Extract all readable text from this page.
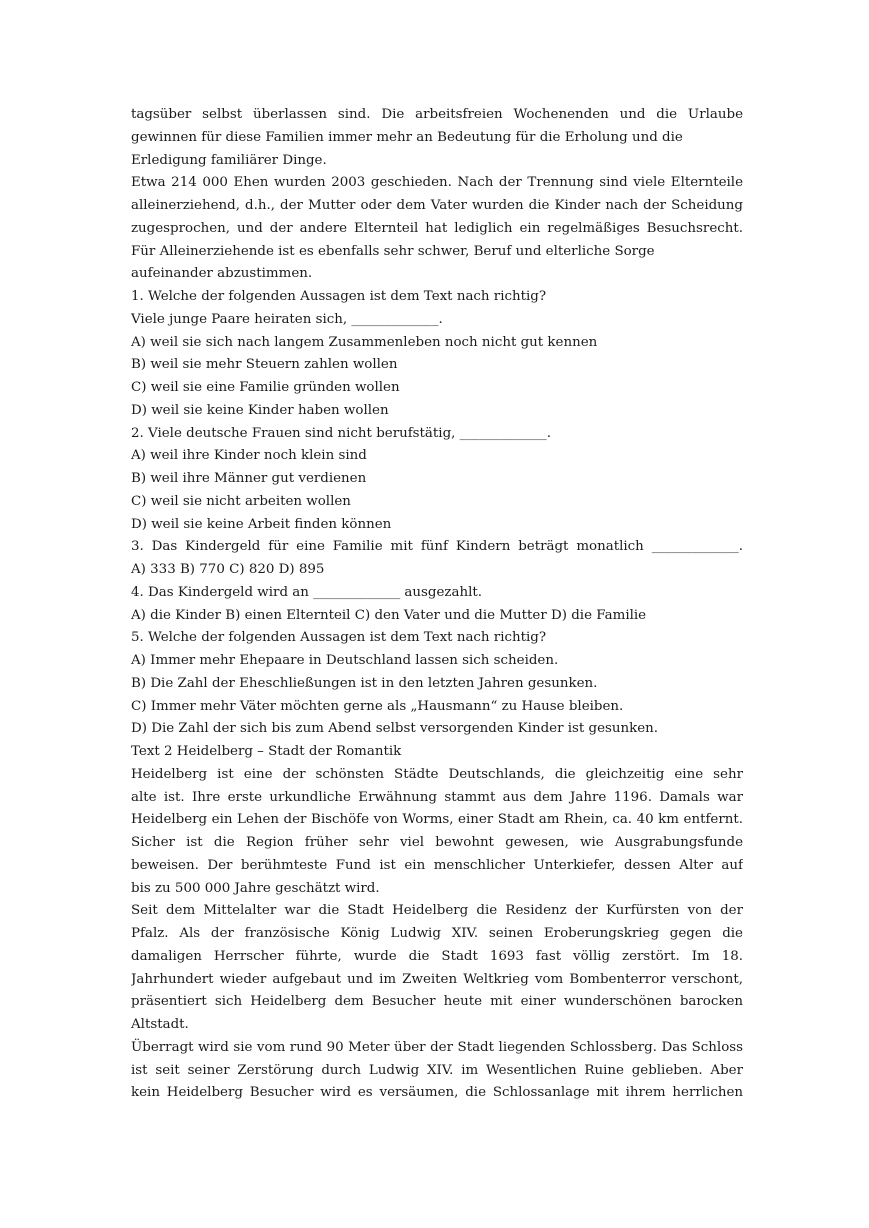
tagsüber selbst überlassen sind. Die arbeitsfreien Wochenenden und die Urlaube
gewinnen für diese Familien immer mehr an Bedeutung für die Erholung und die
Erledigung familiärer Dinge.
Etwa 214 000 Ehen wurden 2003 geschieden. Nach der Trennung sind viele Elternteile
alleinerziehend, d.h., der Mutter oder dem Vater wurden die Kinder nach der Scheidung
zugesprochen, und der andere Elternteil hat lediglich ein regelmäßiges Besuchsrecht.
Für Alleinerziehende ist es ebenfalls sehr schwer, Beruf und elterliche Sorge
aufeinander abzustimmen.
1. Welche der folgenden Aussagen ist dem Text nach richtig?
Viele junge Paare heiraten sich, _____________.
A) weil sie sich nach langem Zusammenleben noch nicht gut kennen
B) weil sie mehr Steuern zahlen wollen
C) weil sie eine Familie gründen wollen
D) weil sie keine Kinder haben wollen
2. Viele deutsche Frauen sind nicht berufstätig, _____________.
A) weil ihre Kinder noch klein sind
B) weil ihre Männer gut verdienen
C) weil sie nicht arbeiten wollen
D) weil sie keine Arbeit finden können
3. Das Kindergeld für eine Familie mit fünf Kindern beträgt monatlich _____________.
A) 333 B) 770 C) 820 D) 895
4. Das Kindergeld wird an _____________ ausgezahlt.
A) die Kinder B) einen Elternteil C) den Vater und die Mutter D) die Familie
5. Welche der folgenden Aussagen ist dem Text nach richtig?
A) Immer mehr Ehepaare in Deutschland lassen sich scheiden.
B) Die Zahl der Eheschließungen ist in den letzten Jahren gesunken.
C) Immer mehr Väter möchten gerne als „Hausmann“ zu Hause bleiben.
D) Die Zahl der sich bis zum Abend selbst versorgenden Kinder ist gesunken.
Text 2 Heidelberg – Stadt der Romantik
Heidelberg ist eine der schönsten Städte Deutschlands, die gleichzeitig eine sehr
alte ist. Ihre erste urkundliche Erwähnung stammt aus dem Jahre 1196. Damals war
Heidelberg ein Lehen der Bischöfe von Worms, einer Stadt am Rhein, ca. 40 km entfernt.
Sicher ist die Region früher sehr viel bewohnt gewesen, wie Ausgrabungsfunde
beweisen. Der berühmteste Fund ist ein menschlicher Unterkiefer, dessen Alter auf
bis zu 500 000 Jahre geschätzt wird.
Seit dem Mittelalter war die Stadt Heidelberg die Residenz der Kurfürsten von der
Pfalz. Als der französische König Ludwig XIV. seinen Eroberungskrieg gegen die
damaligen Herrscher führte, wurde die Stadt 1693 fast völlig zerstört. Im 18.
Jahrhundert wieder aufgebaut und im Zweiten Weltkrieg vom Bombenterror verschont,
präsentiert sich Heidelberg dem Besucher heute mit einer wunderschönen barocken
Altstadt.
Überragt wird sie vom rund 90 Meter über der Stadt liegenden Schlossberg. Das Schloss
ist seit seiner Zerstörung durch Ludwig XIV. im Wesentlichen Ruine geblieben. Aber
kein Heidelberg Besucher wird es versäumen, die Schlossanlage mit ihrem herrlichen
